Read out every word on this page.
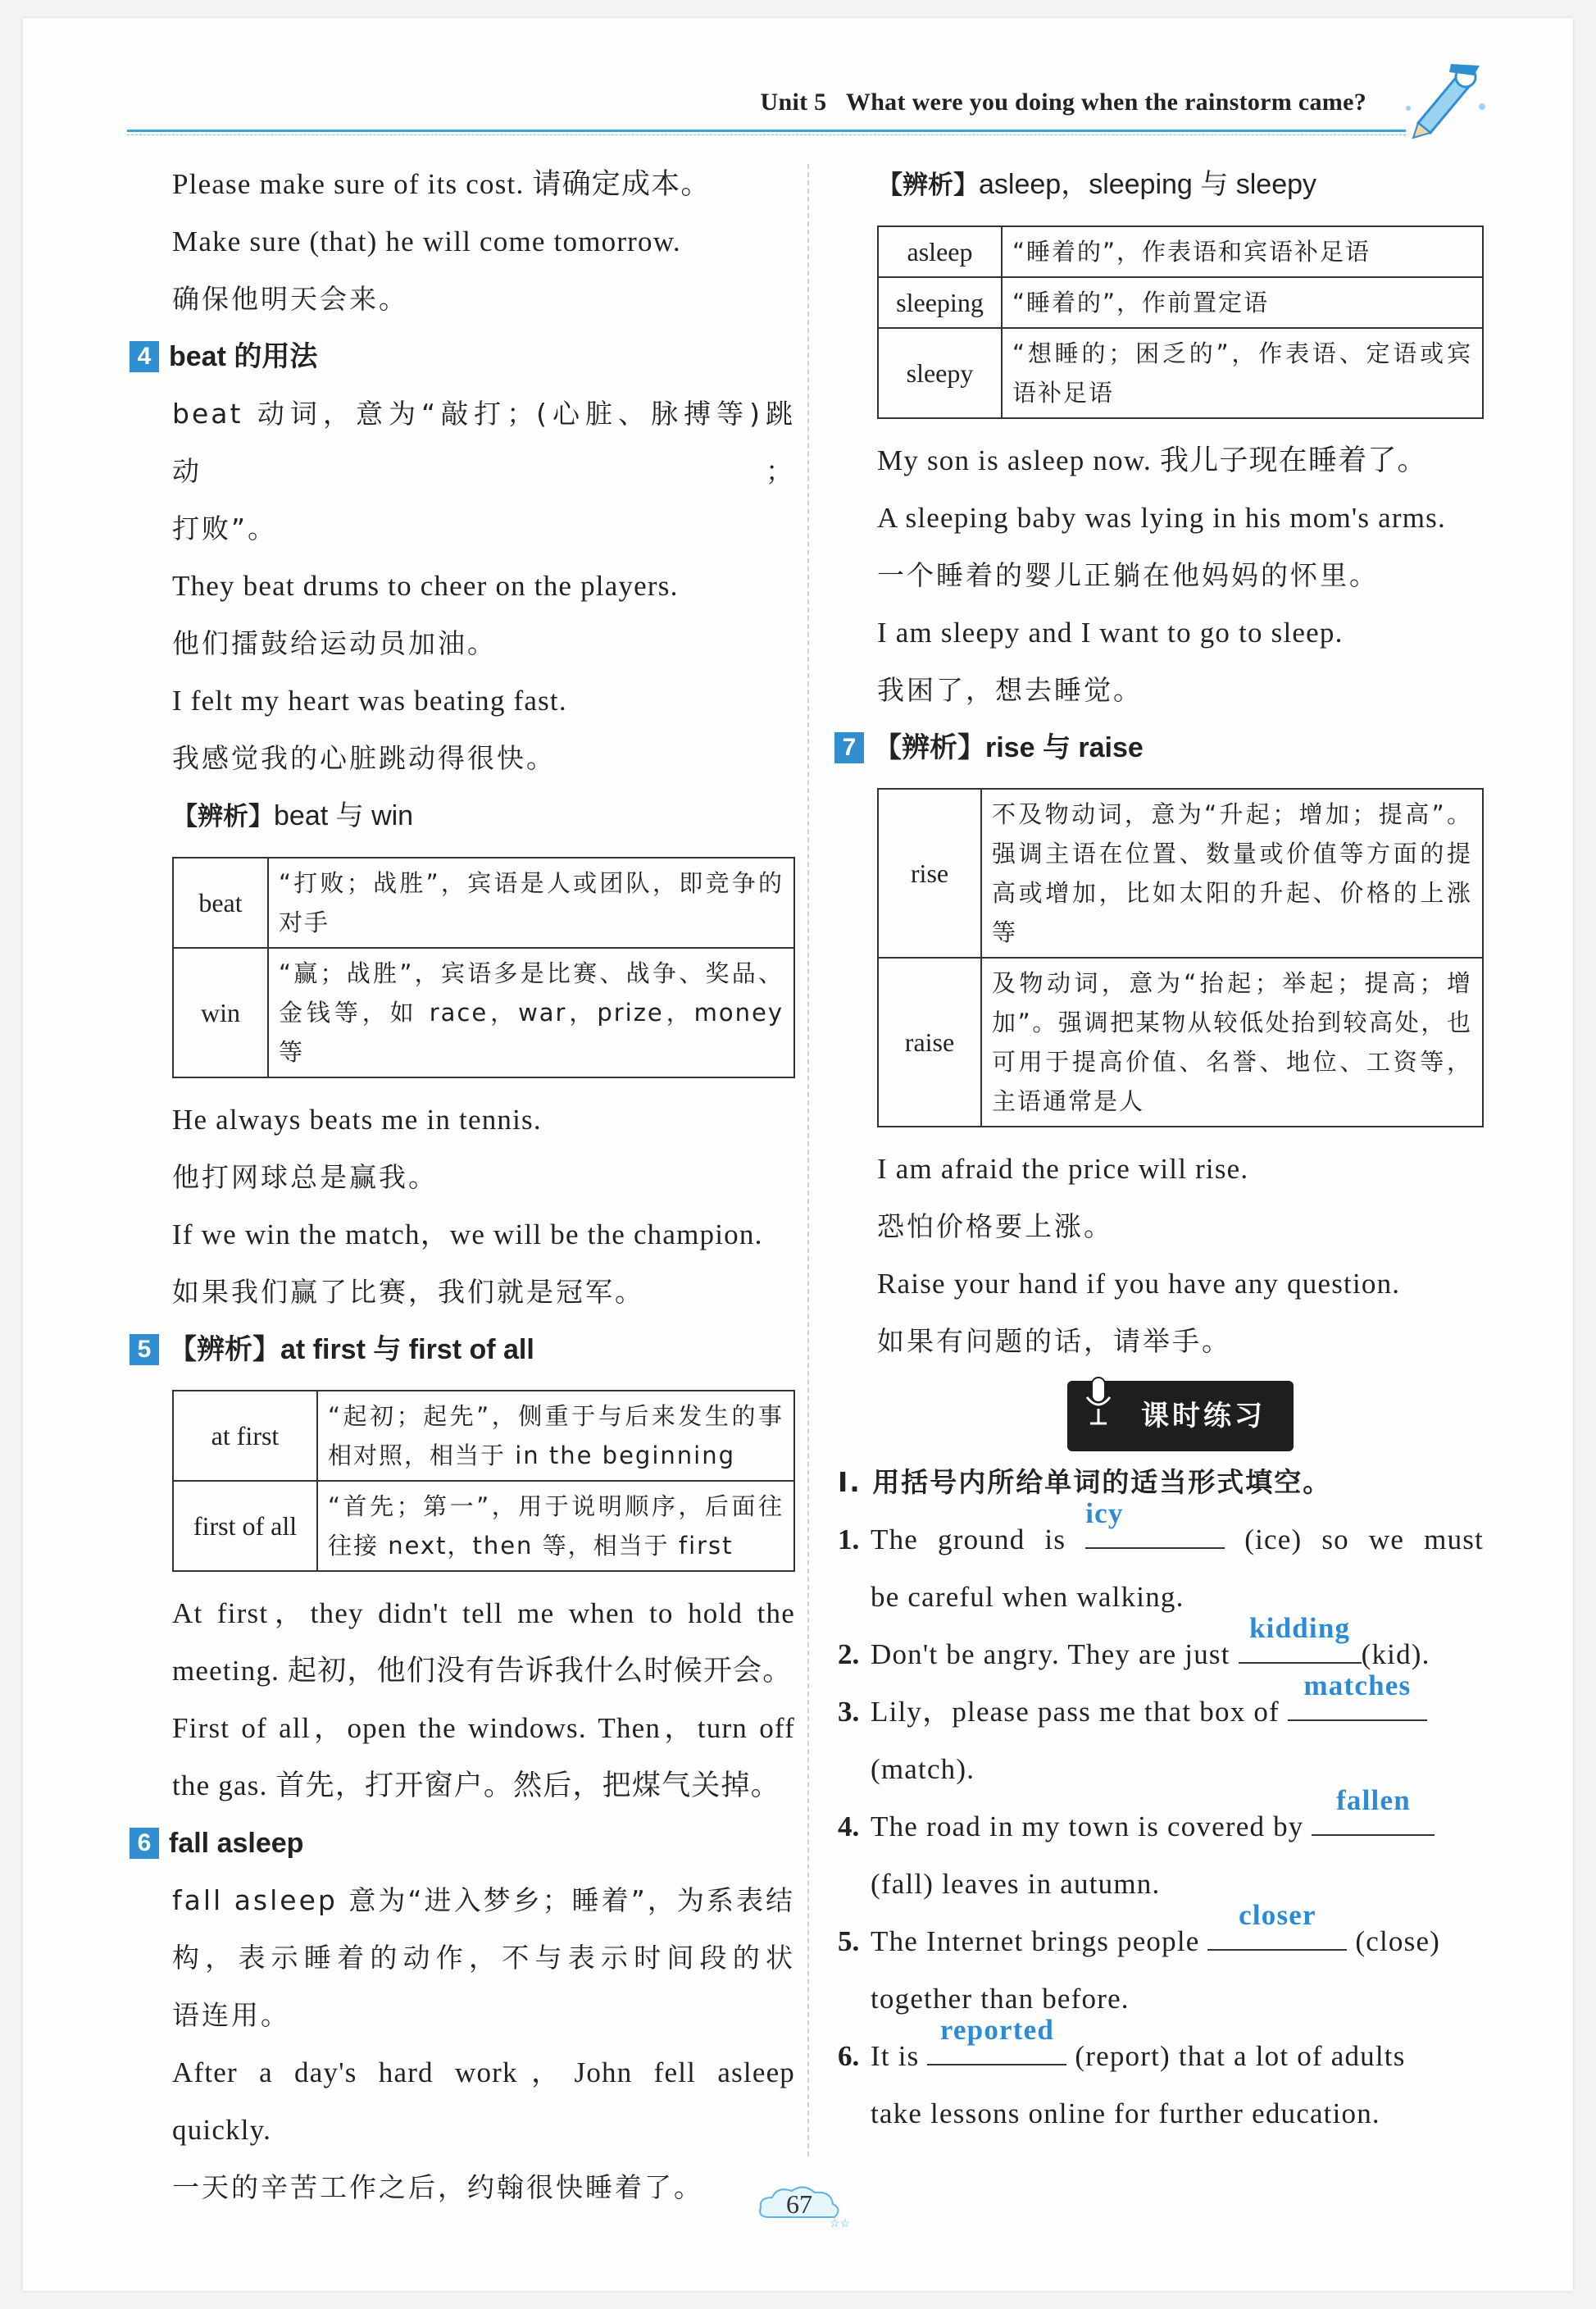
Unit 5 What were you doing when the rainstorm came?

Please make sure of its cost. 请确定成本。

Make sure (that) he will come tomorrow.

确保他明天会来。

4 beat 的用法

beat 动词，意为“敲打；(心脏、脉搏等)跳动；

打败”。

They beat drums to cheer on the players.

他们擂鼓给运动员加油。

I felt my heart was beating fast.

我感觉我的心脏跳动得很快。

【辨析】beat 与 win

beat	“打败；战胜”，宾语是人或团队，即竞争的对手
win	“赢；战胜”，宾语多是比赛、战争、奖品、金钱等，如 race，war，prize，money 等

He always beats me in tennis.

他打网球总是赢我。

If we win the match，we will be the champion.

如果我们赢了比赛，我们就是冠军。

5 【辨析】 at first 与 first of all
at first	“起初；起先”，侧重于与后来发生的事相对照，相当于 in the beginning
first of all	“首先；第一”，用于说明顺序，后面往往接 next，then 等，相当于 first

At first，they didn't tell me when to hold the

meeting. 起初，他们没有告诉我什么时候开会。

First of all，open the windows. Then，turn off

the gas. 首先，打开窗户。然后，把煤气关掉。

6 fall asleep

fall asleep 意为“进入梦乡；睡着”，为系表结

构，表示睡着的动作，不与表示时间段的状

语连用。

After a day's hard work，John fell asleep

quickly.

一天的辛苦工作之后，约翰很快睡着了。

【辨析】asleep，sleeping 与 sleepy

asleep	“睡着的”，作表语和宾语补足语
sleeping	“睡着的”，作前置定语
sleepy	“想睡的；困乏的”，作表语、定语或宾语补足语

My son is asleep now. 我儿子现在睡着了。

A sleeping baby was lying in his mom's arms.

一个睡着的婴儿正躺在他妈妈的怀里。

I am sleepy and I want to go to sleep.

我困了，想去睡觉。

7 【辨析】 rise 与 raise
rise	不及物动词，意为“升起；增加；提高”。强调主语在位置、数量或价值等方面的提高或增加，比如太阳的升起、价格的上涨等
raise	及物动词，意为“抬起；举起；提高；增加”。强调把某物从较低处抬到较高处，也可用于提高价值、名誉、地位、工资等，主语通常是人

I am afraid the price will rise.

恐怕价格要上涨。

Raise your hand if you have any question.

如果有问题的话，请举手。

课时练习

Ⅰ. 用括号内所给单词的适当形式填空。

1. The ground is
icy
(ice) so we must

be careful when walking.

2. Don't be angry. They are just
kidding
(kid).

3. Lily，please pass me that box of
matches

(match).

4. The road in my town is covered by
fallen

(fall) leaves in autumn.

5. The Internet brings people
closer
(close)

together than before.

6. It is
reported
(report) that a lot of adults

take lessons online for further education.

☆☆
67
